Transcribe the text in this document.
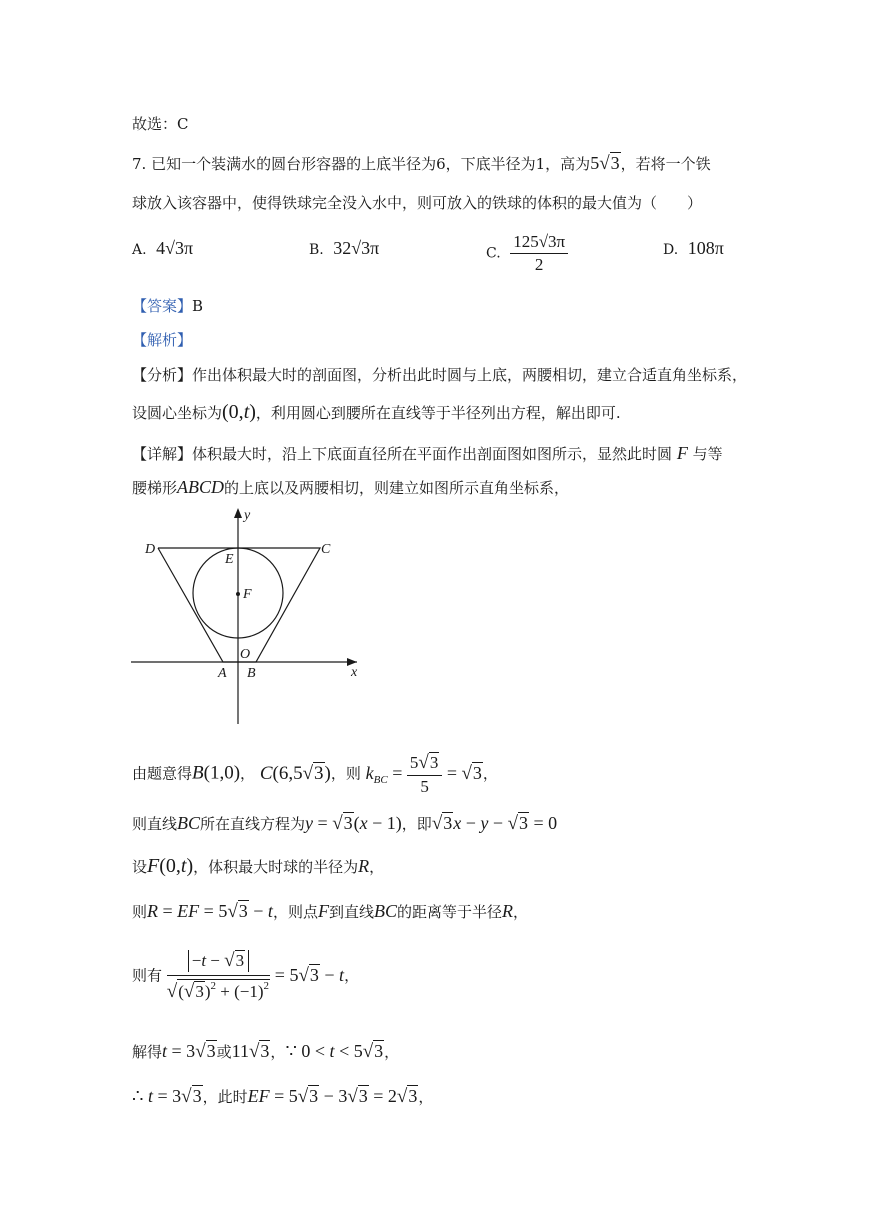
故选：C
7. 已知一个装满水的圆台形容器的上底半径为6，下底半径为1，高为5√3，若将一个铁
球放入该容器中，使得铁球完全没入水中，则可放入的铁球的体积的最大值为（　　）
A. 4√3π	B. 32√3π	C. $\frac{125√3\pi}{2}$	D. 108π
【答案】B
【解析】
【分析】作出体积最大时的剖面图，分析出此时圆与上底，两腰相切，建立合适直角坐标系，
设圆心坐标为(0,t)，利用圆心到腰所在直线等于半径列出方程，解出即可.
【详解】体积最大时，沿上下底面直径所在平面作出剖面图如图所示，显然此时圆 F 与等
腰梯形ABCD的上底以及两腰相切，则建立如图所示直角坐标系，
y
x
D	C
E
F
O
A B
由题意得B(1,0)， C(6,5√3)，则 $k_{BC} = \frac{5√3}{5} = √3$，
则直线BC所在直线方程为y = √3(x − 1)，即√3x − y − √3 = 0
设F(0,t)，体积最大时球的半径为R，
则R = EF = 5√3 − t，则点F到直线BC的距离等于半径R，
则有 $\frac{-t - √3}{√(√3)^2 + (-1)^2} = 5√3 - t$，
解得t = 3√3或11√3，∵ 0 < t < 5√3，
∴ t = 3√3，此时EF = 5√3 − 3√3 = 2√3，
